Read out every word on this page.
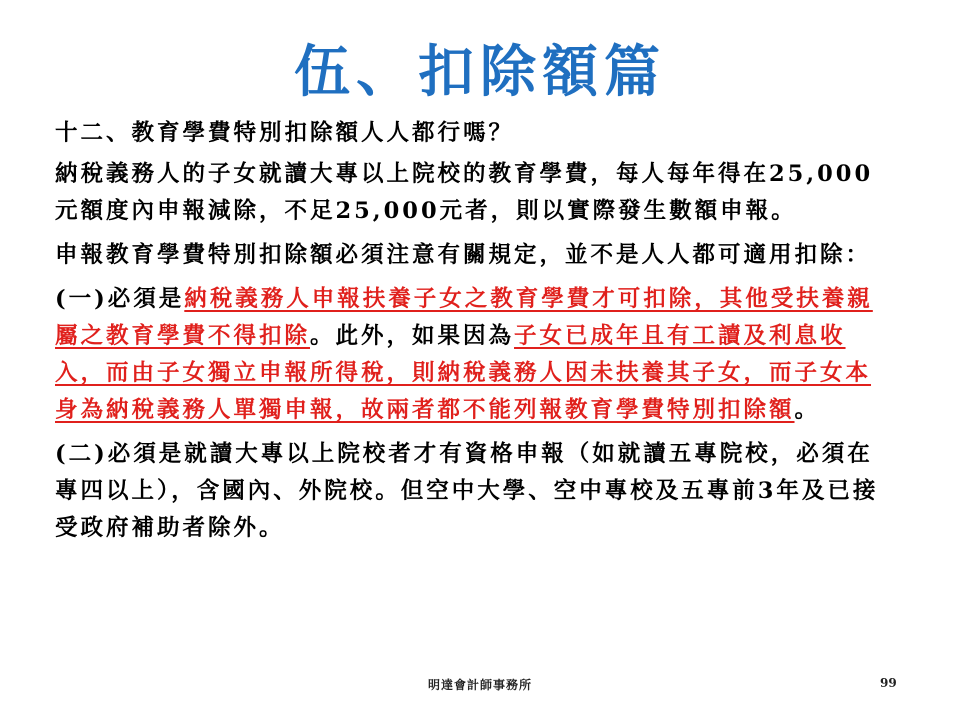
伍、扣除額篇

十二、教育學費特別扣除額人人都行嗎？

納稅義務人的子女就讀大專以上院校的教育學費，每人每年得在25,000元額度內申報減除，不足25,000元者，則以實際發生數額申報。

申報教育學費特別扣除額必須注意有關規定，並不是人人都可適用扣除：

(一)必須是納稅義務人申報扶養子女之教育學費才可扣除，其他受扶養親屬之教育學費不得扣除。此外，如果因為子女已成年且有工讀及利息收入，而由子女獨立申報所得稅，則納稅義務人因未扶養其子女，而子女本身為納稅義務人單獨申報，故兩者都不能列報教育學費特別扣除額。

(二)必須是就讀大專以上院校者才有資格申報（如就讀五專院校，必須在專四以上），含國內、外院校。但空中大學、空中專校及五專前3年及已接受政府補助者除外。

明達會計師事務所	99
